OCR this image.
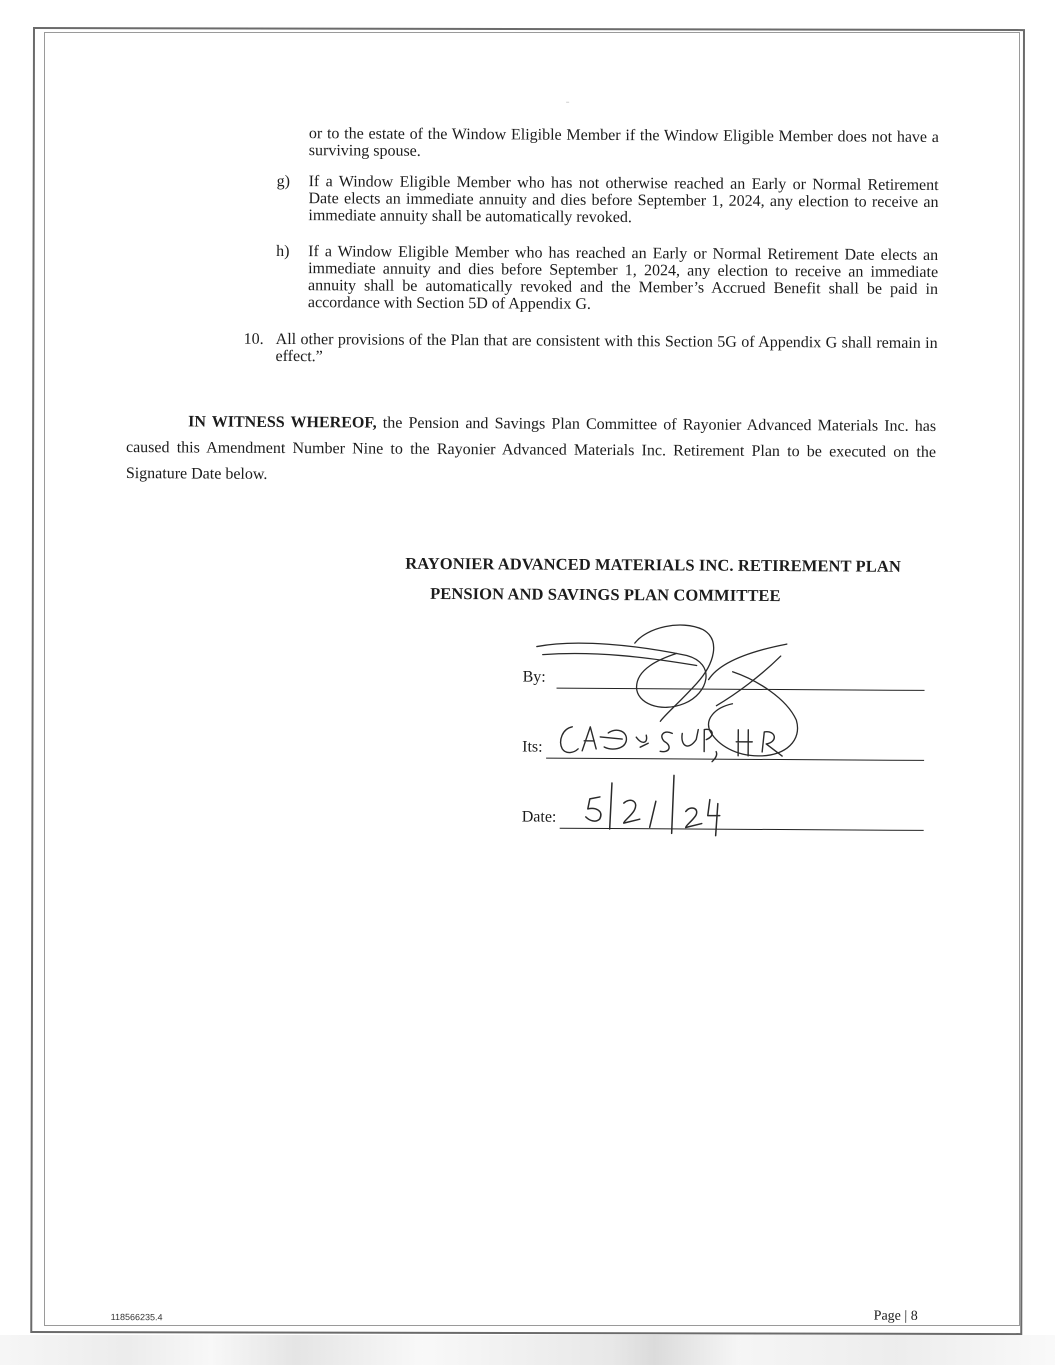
or to the estate of the Window Eligible Member if the Window Eligible Member does not have a surviving spouse.

g) If a Window Eligible Member who has not otherwise reached an Early or Normal Retirement Date elects an immediate annuity and dies before September 1, 2024, any election to receive an immediate annuity shall be automatically revoked.
h) If a Window Eligible Member who has reached an Early or Normal Retirement Date elects an immediate annuity and dies before September 1, 2024, any election to receive an immediate annuity shall be automatically revoked and the Member’s Accrued Benefit shall be paid in accordance with Section 5D of Appendix G.
10. All other provisions of the Plan that are consistent with this Section 5G of Appendix G shall remain in effect.”
IN WITNESS WHEREOF, the Pension and Savings Plan Committee of Rayonier Advanced Materials Inc. has caused this Amendment Number Nine to the Rayonier Advanced Materials Inc. Retirement Plan to be executed on the Signature Date below.
RAYONIER ADVANCED MATERIALS INC. RETIREMENT PLAN
PENSION AND SAVINGS PLAN COMMITTEE
By:
Its:
Date:
118566235.4	Page | 8
